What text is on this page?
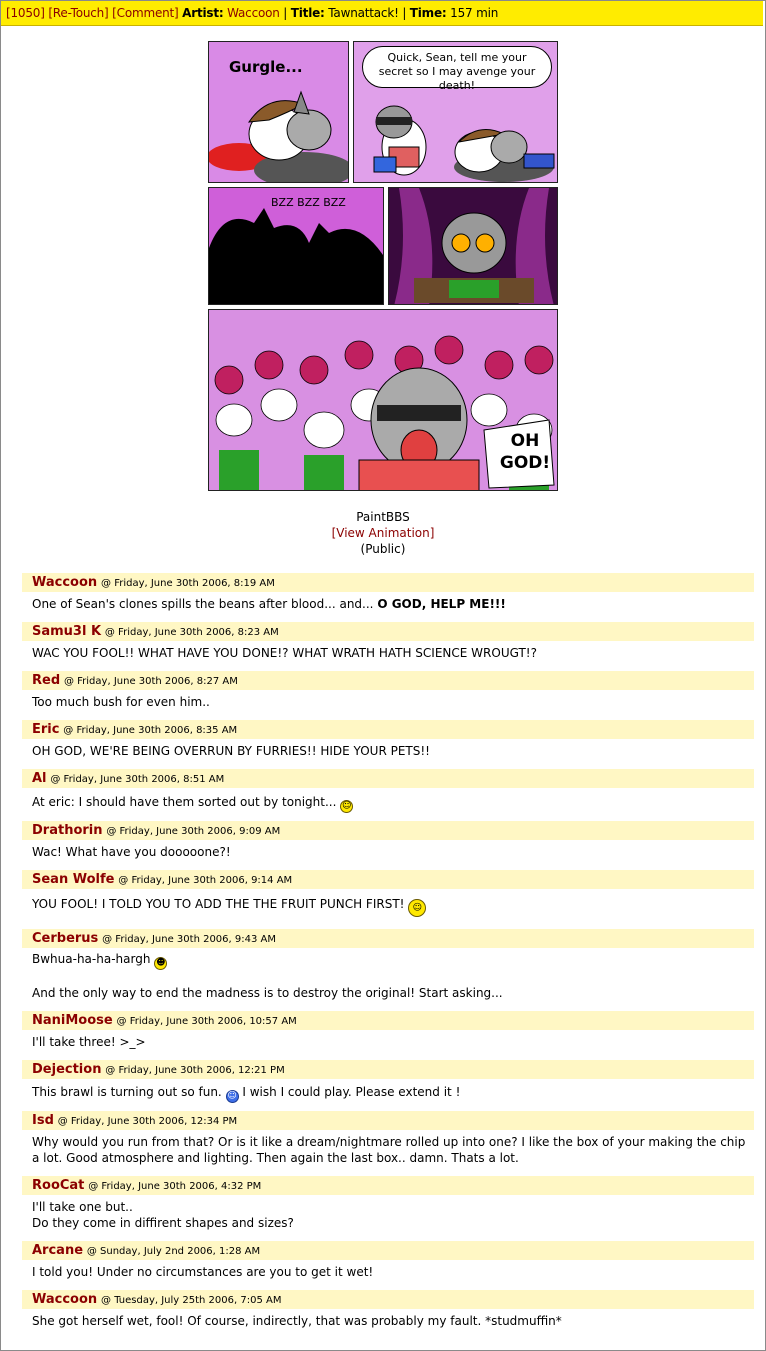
[1050] [Re-Touch] [Comment] Artist: Waccoon | Title: Tawnattack! | Time: 157 min
Gurgle...
Quick, Sean, tell me your secret so I may avenge your death!
BZZ BZZ BZZ
OH GOD!
PaintBBS
[View Animation]
(Public)
Waccoon @ Friday, June 30th 2006, 8:19 AM
One of Sean's clones spills the beans after blood... and... O GOD, HELP ME!!!
Samu3l K @ Friday, June 30th 2006, 8:23 AM
WAC YOU FOOL!! WHAT HAVE YOU DONE!? WHAT WRATH HATH SCIENCE WROUGT!?
Red @ Friday, June 30th 2006, 8:27 AM
Too much bush for even him..
Eric @ Friday, June 30th 2006, 8:35 AM
OH GOD, WE'RE BEING OVERRUN BY FURRIES!! HIDE YOUR PETS!!
Al @ Friday, June 30th 2006, 8:51 AM
At eric: I should have them sorted out by tonight... ☺
Drathorin @ Friday, June 30th 2006, 9:09 AM
Wac! What have you dooooone?!
Sean Wolfe @ Friday, June 30th 2006, 9:14 AM
YOU FOOL! I TOLD YOU TO ADD THE THE FRUIT PUNCH FIRST! ☺
Cerberus @ Friday, June 30th 2006, 9:43 AM
Bwhua-ha-ha-hargh ☻
And the only way to end the madness is to destroy the original! Start asking...
NaniMoose @ Friday, June 30th 2006, 10:57 AM
I'll take three! >_>
Dejection @ Friday, June 30th 2006, 12:21 PM
This brawl is turning out so fun. ☺ I wish I could play. Please extend it !
Isd @ Friday, June 30th 2006, 12:34 PM
Why would you run from that? Or is it like a dream/nightmare rolled up into one? I like the box of your making the chip a lot. Good atmosphere and lighting. Then again the last box.. damn. Thats a lot.
RooCat @ Friday, June 30th 2006, 4:32 PM
I'll take one but..
Do they come in diffirent shapes and sizes?
Arcane @ Sunday, July 2nd 2006, 1:28 AM
I told you! Under no circumstances are you to get it wet!
Waccoon @ Tuesday, July 25th 2006, 7:05 AM
She got herself wet, fool! Of course, indirectly, that was probably my fault. *studmuffin*
